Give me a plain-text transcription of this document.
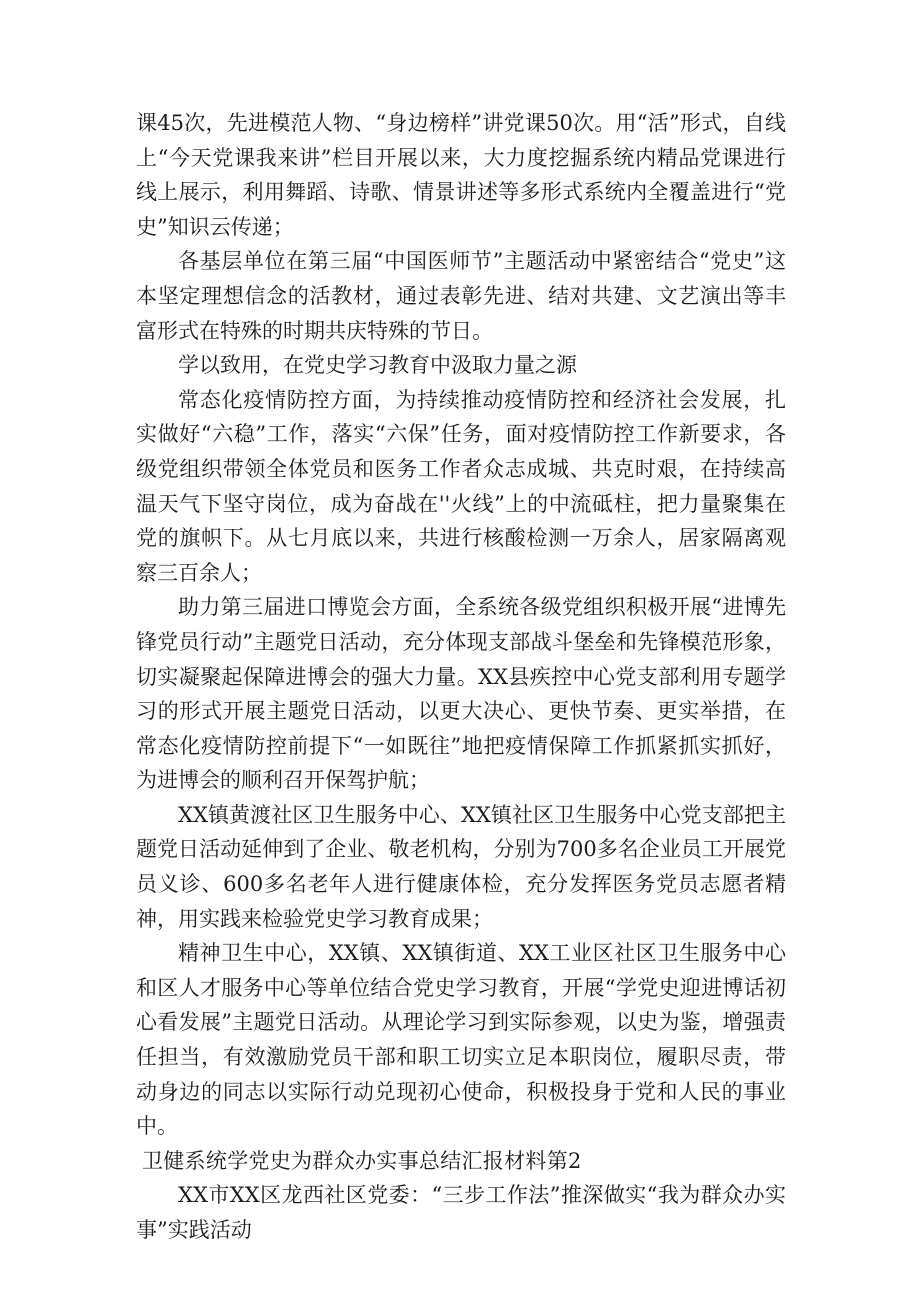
课45次，先进模范人物、“身边榜样”讲党课50次。用“活”形式，自线上“今天党课我来讲”栏目开展以来，大力度挖掘系统内精品党课进行线上展示，利用舞蹈、诗歌、情景讲述等多形式系统内全覆盖进行“党史”知识云传递；

各基层单位在第三届“中国医师节”主题活动中紧密结合“党史”这本坚定理想信念的活教材，通过表彰先进、结对共建、文艺演出等丰富形式在特殊的时期共庆特殊的节日。

学以致用，在党史学习教育中汲取力量之源

常态化疫情防控方面，为持续推动疫情防控和经济社会发展，扎实做好“六稳”工作，落实“六保”任务，面对疫情防控工作新要求，各级党组织带领全体党员和医务工作者众志成城、共克时艰，在持续高温天气下坚守岗位，成为奋战在''火线”上的中流砥柱，把力量聚集在党的旗帜下。从七月底以来，共进行核酸检测一万余人，居家隔离观察三百余人；

助力第三届进口博览会方面，全系统各级党组织积极开展“进博先锋党员行动”主题党日活动，充分体现支部战斗堡垒和先锋模范形象，切实凝聚起保障进博会的强大力量。XX县疾控中心党支部利用专题学习的形式开展主题党日活动，以更大决心、更快节奏、更实举措，在常态化疫情防控前提下“一如既往”地把疫情保障工作抓紧抓实抓好，为进博会的顺利召开保驾护航；

XX镇黄渡社区卫生服务中心、XX镇社区卫生服务中心党支部把主题党日活动延伸到了企业、敬老机构，分别为700多名企业员工开展党员义诊、600多名老年人进行健康体检，充分发挥医务党员志愿者精神，用实践来检验党史学习教育成果；

精神卫生中心，XX镇、XX镇街道、XX工业区社区卫生服务中心和区人才服务中心等单位结合党史学习教育，开展“学党史迎进博话初心看发展”主题党日活动。从理论学习到实际参观，以史为鉴，增强责任担当，有效激励党员干部和职工切实立足本职岗位，履职尽责，带动身边的同志以实际行动兑现初心使命，积极投身于党和人民的事业中。

卫健系统学党史为群众办实事总结汇报材料第2

XX市XX区龙西社区党委：“三步工作法”推深做实“我为群众办实事”实践活动
